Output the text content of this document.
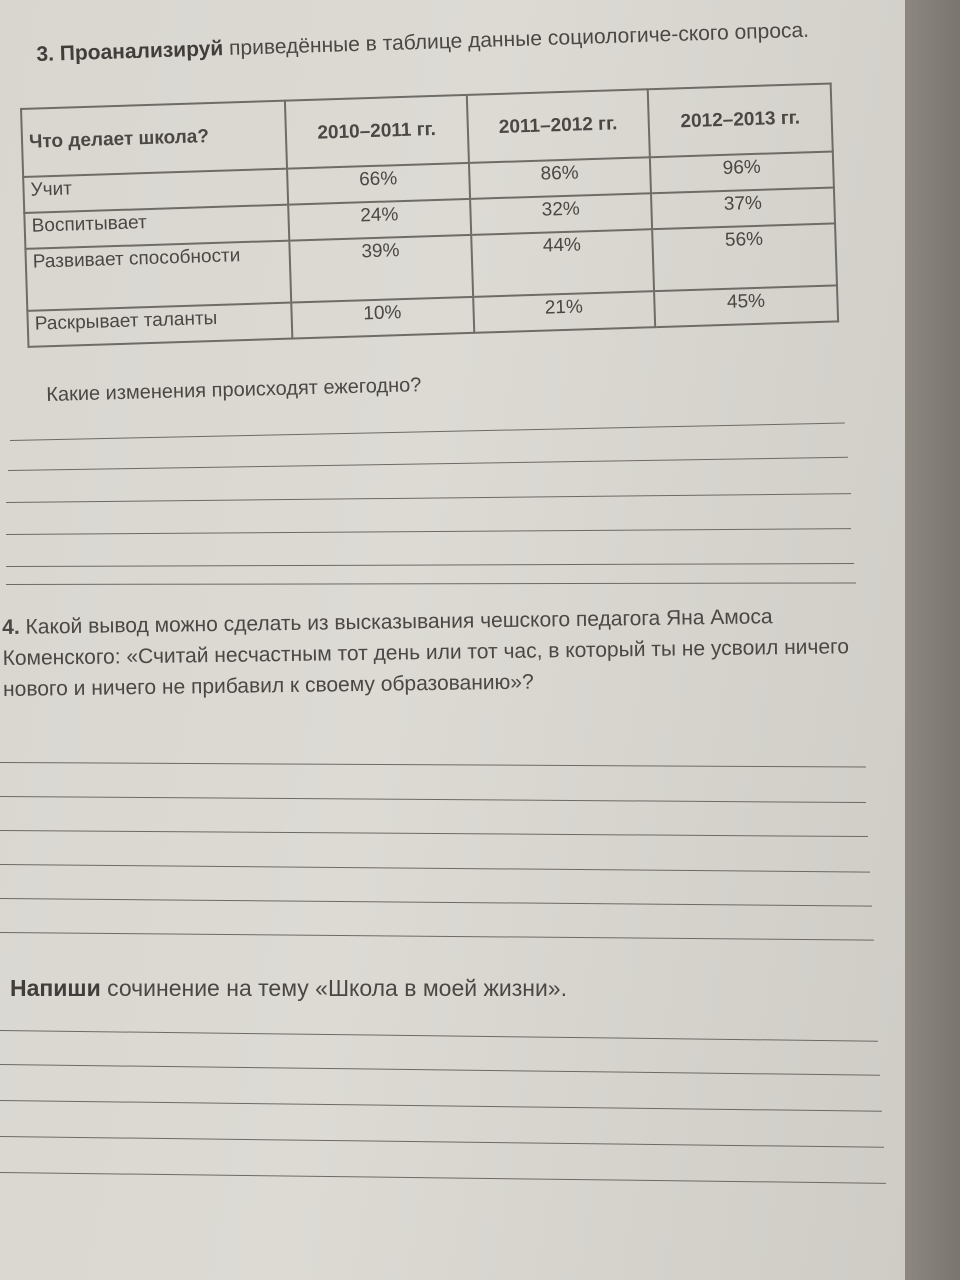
3. Проанализируй приведённые в таблице данные социологиче-ского опроса.
Что делает школа?	2010–2011 гг.	2011–2012 гг.	2012–2013 гг.
Учит	66%	86%	96%
Воспитывает	24%	32%	37%
Развивает способности	39%	44%	56%
Раскрывает таланты	10%	21%	45%
Какие изменения происходят ежегодно?
4. Какой вывод можно сделать из высказывания чешского педагога Яна Амоса Коменского: «Считай несчастным тот день или тот час, в который ты не усвоил ничего нового и ничего не прибавил к своему образованию»?
Напиши сочинение на тему «Школа в моей жизни».
